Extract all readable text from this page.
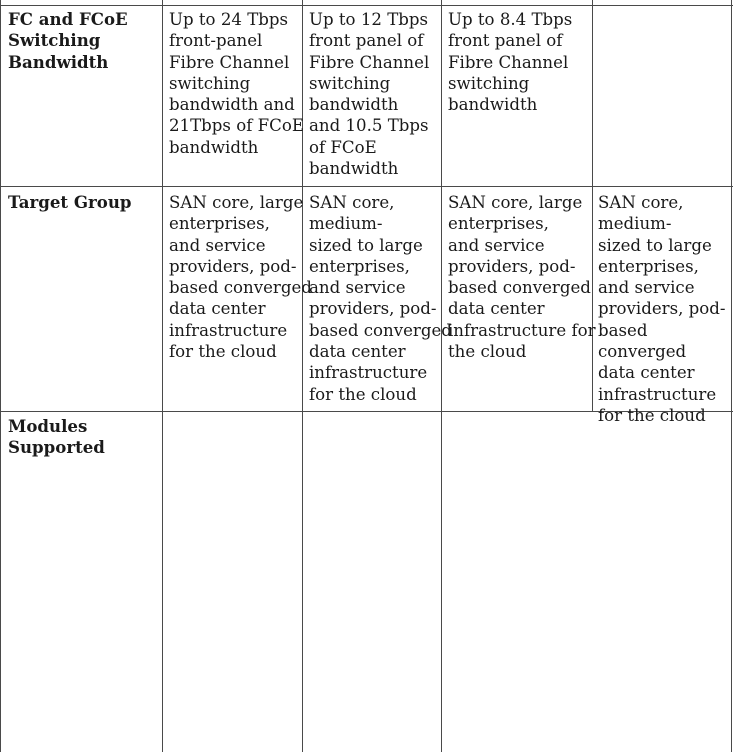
FC and FCoE
Switching
Bandwidth

Up to 24 Tbps
front-panel
Fibre Channel
switching
bandwidth and
21Tbps of FCoE
bandwidth

Up to 12 Tbps
front panel of
Fibre Channel
switching
bandwidth
and 10.5 Tbps
of FCoE
bandwidth

Up to 8.4 Tbps
front panel of
Fibre Channel
switching
bandwidth

Target Group SAN core, large
enterprises,
and service
providers, pod-
based converged
data center
infrastructure
for the cloud

SAN core,
medium-
sized to large
enterprises,
and service
providers, pod-
based converged
data center
infrastructure
for the cloud

SAN core, large
enterprises,
and service
providers, pod-
based converged
data center
infrastructure for
the cloud

SAN core,
medium-
sized to large
enterprises,
and service
providers, pod-
based converged
data center
infrastructure
for the cloud

Modules
Supported
